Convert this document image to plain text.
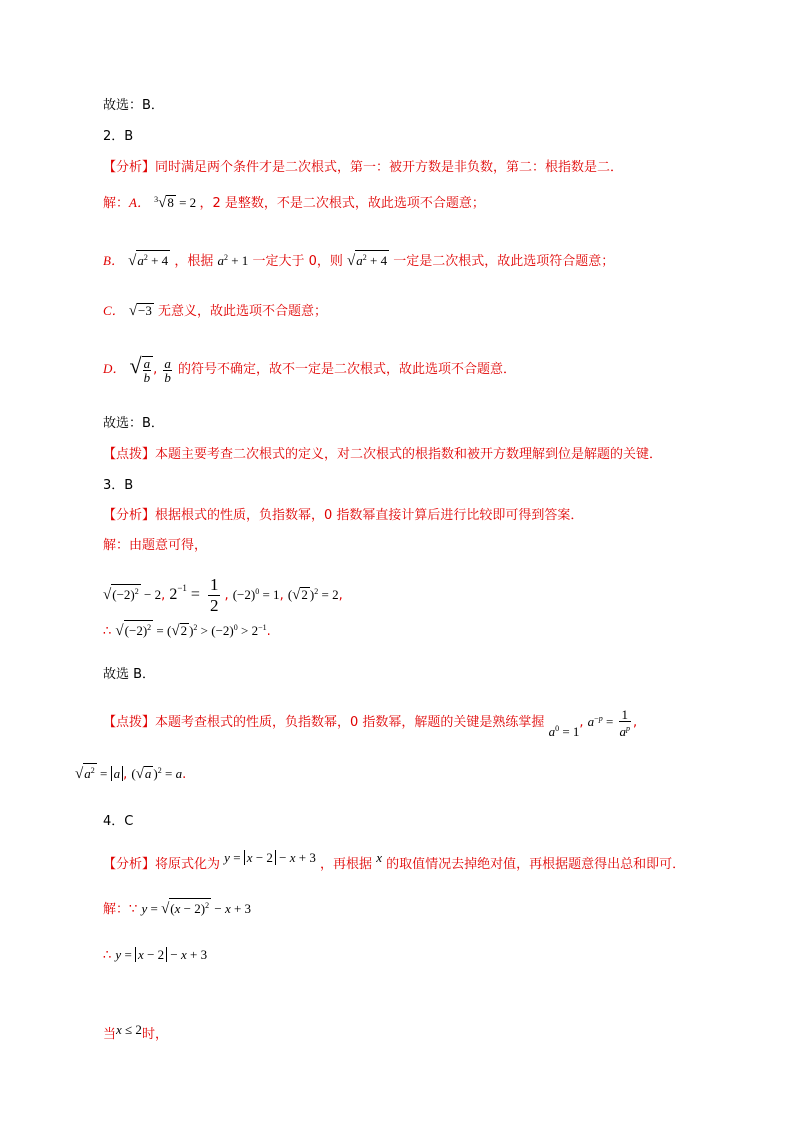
故选：B．
2．B
【分析】同时满足两个条件才是二次根式，第一：被开方数是非负数，第二：根指数是二．
解：A． $^3$√8 = 2 ，2 是整数，不是二次根式，故此选项不合题意；
B． $√a^2 + 4$ ，根据 $a^2 + 1$ 一定大于 0，则 $√a^2 + 4$ 一定是二次根式，故此选项符合题意；
C． √−3 无意义，故此选项不合题意；
D． √ $\frac{a}{b}$ , $\frac{a}{b}$ 的符号不确定，故不一定是二次根式，故此选项不合题意．
故选：B．
【点拨】本题主要考查二次根式的定义，对二次根式的根指数和被开方数理解到位是解题的关键．
3．B
【分析】根据根式的性质，负指数幂，0 指数幂直接计算后进行比较即可得到答案．
解：由题意可得，
$√(-2)^2 - 2$, $2^{-1} = \frac{1}{2}$ , $(-2)^0 = 1$, (√2 )$^2$ = 2,
∴ $√(-2)^2 = (√2$ )$^2 > (-2)^0 > 2^{-1}$.
故选 B．
【点拨】本题考查根式的性质，负指数幂，0 指数幂，解题的关键是熟练掌握 $a^0 = 1$, $a^{-p} = \frac{1}{a^p}$ ,
$√a^2 = a$ , (√a )$^2$ = a.
4．C
【分析】将原式化为 y = x − 2 − x + 3 ，再根据 x 的取值情况去掉绝对值，再根据题意得出总和即可．
解：∵ $y = √(x - 2)^2 - x + 3$
∴ y = x − 2 − x + 3
当x ≤ 2时，
